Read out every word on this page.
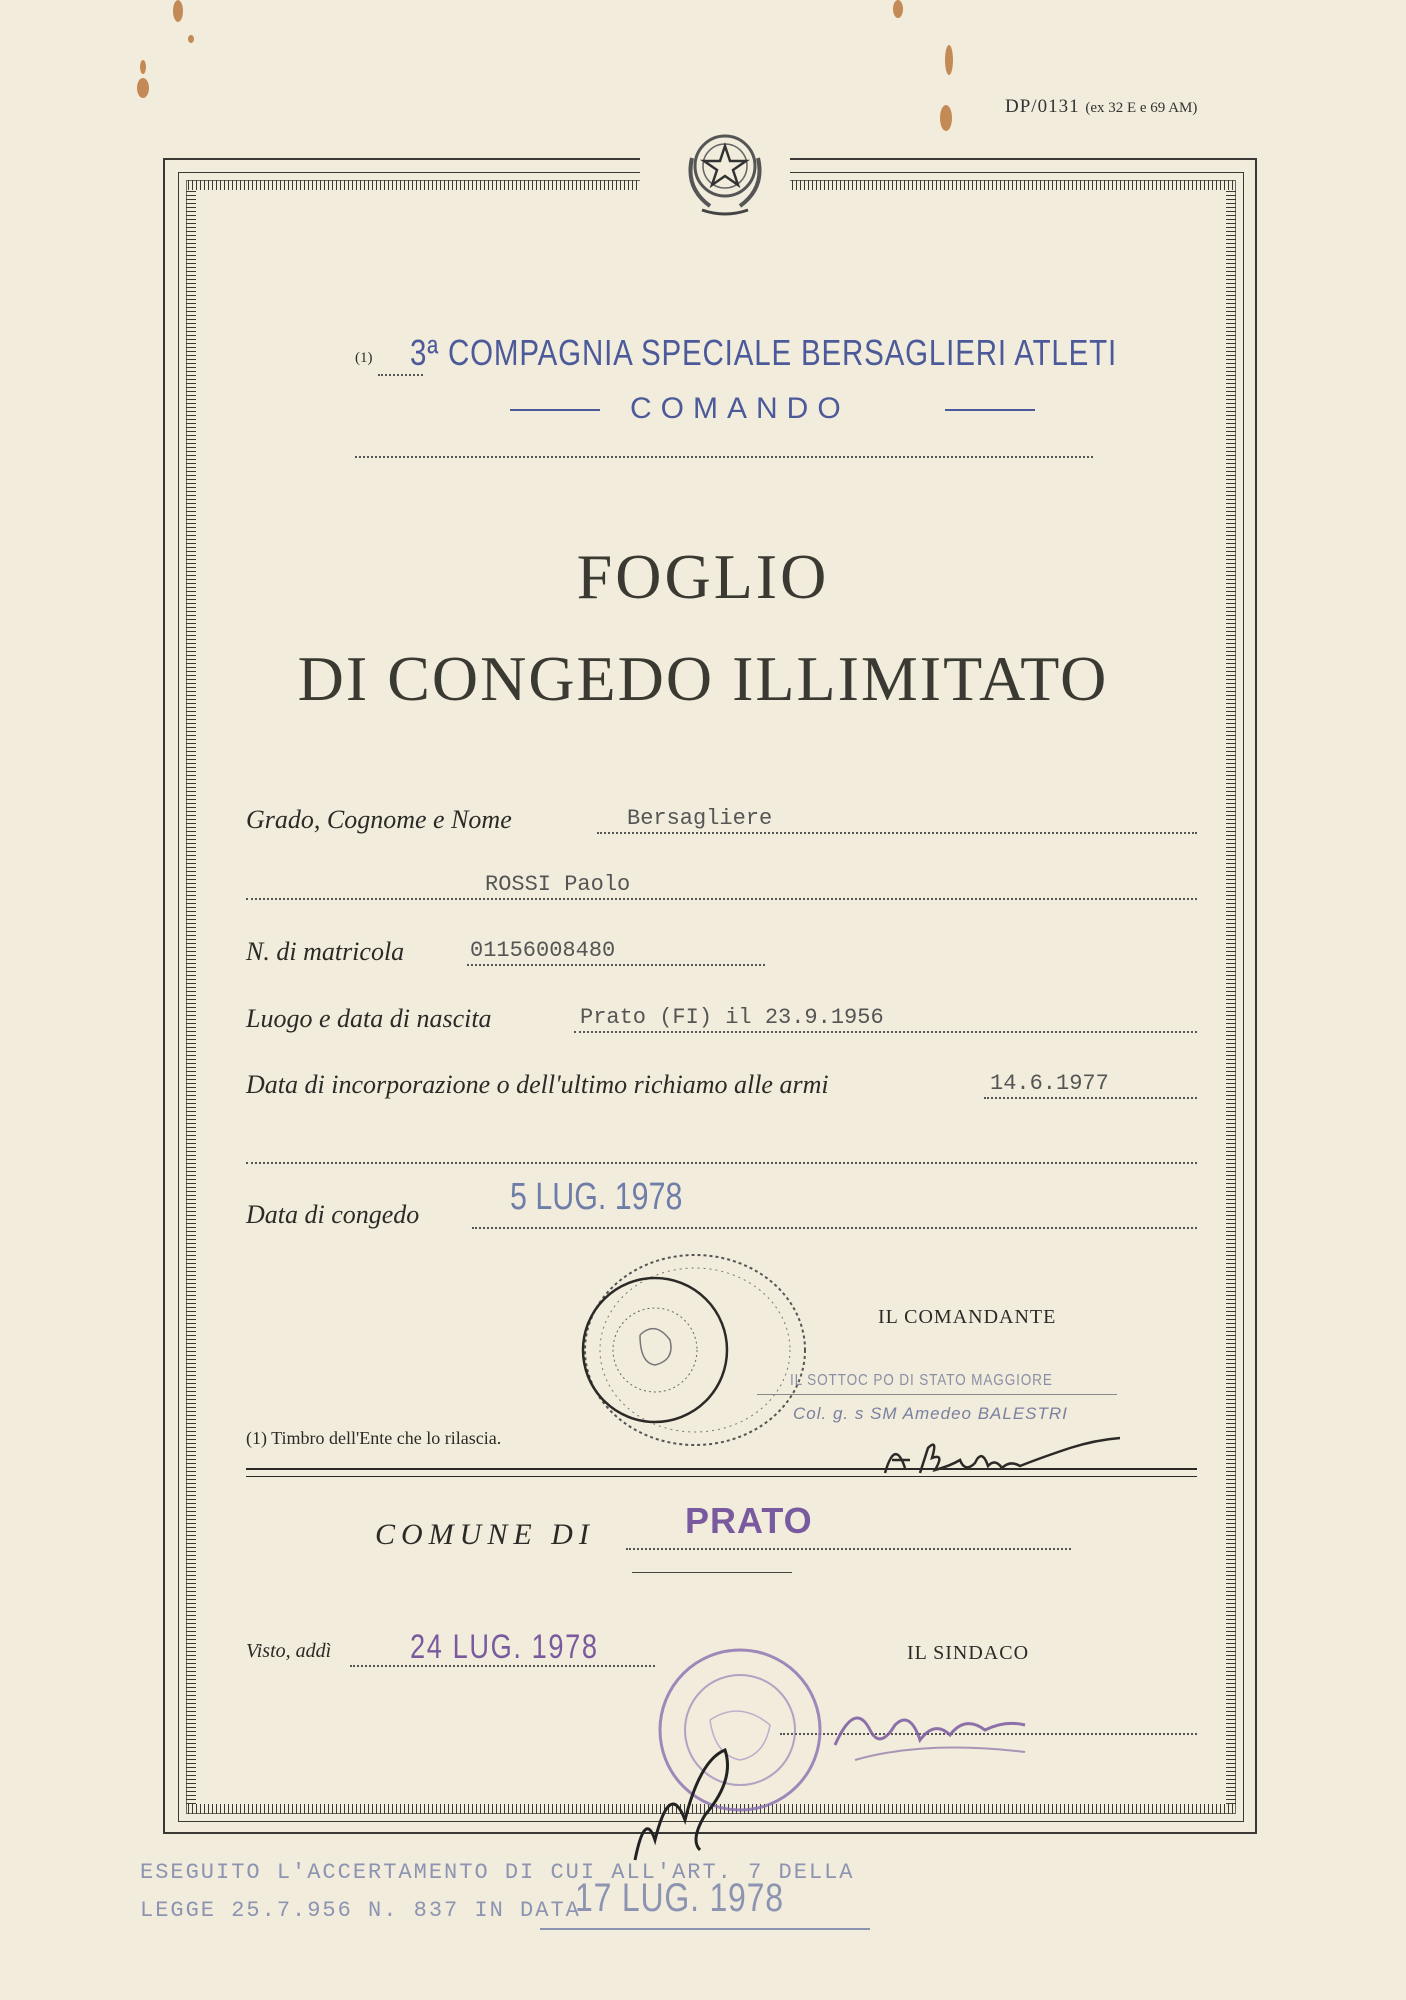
DP/0131 (ex 32 E e 69 AM)
(1) 3ª COMPAGNIA SPECIALE BERSAGLIERI ATLETI
COMANDO
FOGLIO
DI CONGEDO ILLIMITATO
Grado, Cognome e Nome	Bersagliere
ROSSI Paolo
N. di matricola	01156008480
Luogo e data di nascita	Prato (FI) il 23.9.1956
Data di incorporazione o dell'ultimo richiamo alle armi	14.6.1977
Data di congedo 5 LUG. 1978
IL COMANDANTE
IL SOTTOC PO DI STATO MAGGIORE
Col. g. s SM Amedeo BALESTRI
(1) Timbro dell'Ente che lo rilascia.
COMUNE DI	PRATO
Visto, addì 24 LUG. 1978	IL SINDACO
ESEGUITO L'ACCERTAMENTO DI CUI ALL'ART. 7 DELLA
LEGGE 25.7.956 N. 837 IN DATA
17 LUG. 1978
